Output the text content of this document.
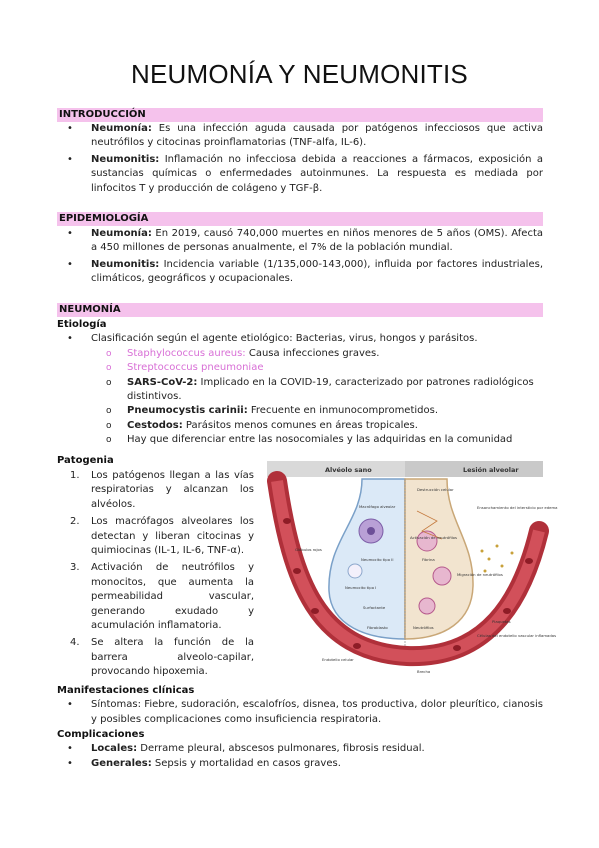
NEUMONÍA Y NEUMONITIS
INTRODUCCIÓN
• Neumonía: Es una infección aguda causada por patógenos infecciosos que activa neutrófilos y citocinas proinflamatorias (TNF-alfa, IL-6).
• Neumonitis: Inflamación no infecciosa debida a reacciones a fármacos, exposición a sustancias químicas o enfermedades autoinmunes. La respuesta es mediada por linfocitos T y producción de colágeno y TGF-β.
EPIDEMIOLOGÍA
• Neumonía: En 2019, causó 740,000 muertes en niños menores de 5 años (OMS). Afecta a 450 millones de personas anualmente, el 7% de la población mundial.
• Neumonitis: Incidencia variable (1/135,000-143,000), influida por factores industriales, climáticos, geográficos y ocupacionales.
NEUMONÍA
Etiología
• Clasificación según el agente etiológico: Bacterias, virus, hongos y parásitos.
o Staphylococcus aureus: Causa infecciones graves.
o Streptococcus pneumoniae
o SARS-CoV-2: Implicado en la COVID-19, caracterizado por patrones radiológicos distintivos.
o Pneumocystis carinii: Frecuente en inmunocomprometidos.
o Cestodos: Parásitos menos comunes en áreas tropicales.
o Hay que diferenciar entre las nosocomiales y las adquiridas en la comunidad
Patogenia
1. Los patógenos llegan a las vías respiratorias y alcanzan los alvéolos.
2. Los macrófagos alveolares los detectan y liberan citocinas y quimiocinas (IL-1, IL-6, TNF-α).
3. Activación de neutrófilos y monocitos, que aumenta la permeabilidad vascular, generando exudado y acumulación inflamatoria.
4. Se altera la función de la barrera alveolo-capilar, provocando hipoxemia.
Alvéolo sano	Lesión alveolar
Glóbulos rojos
Macrófago alveolar
Neumocito tipo II
Neumocito tipo I
Surfactante
Fibroblasto
Endotelio celular
Destrucción celular
Ensanchamiento del intersticio por edema
Activación de neutrófilos
Migración de neutrófilos
Fibrina
Plaquetas
Células del endotelio vascular inflamadas
Brecha
Neutrófilos
Manifestaciones clínicas
• Síntomas: Fiebre, sudoración, escalofríos, disnea, tos productiva, dolor pleurítico, cianosis y posibles complicaciones como insuficiencia respiratoria.
Complicaciones
• Locales: Derrame pleural, abscesos pulmonares, fibrosis residual.
• Generales: Sepsis y mortalidad en casos graves.
